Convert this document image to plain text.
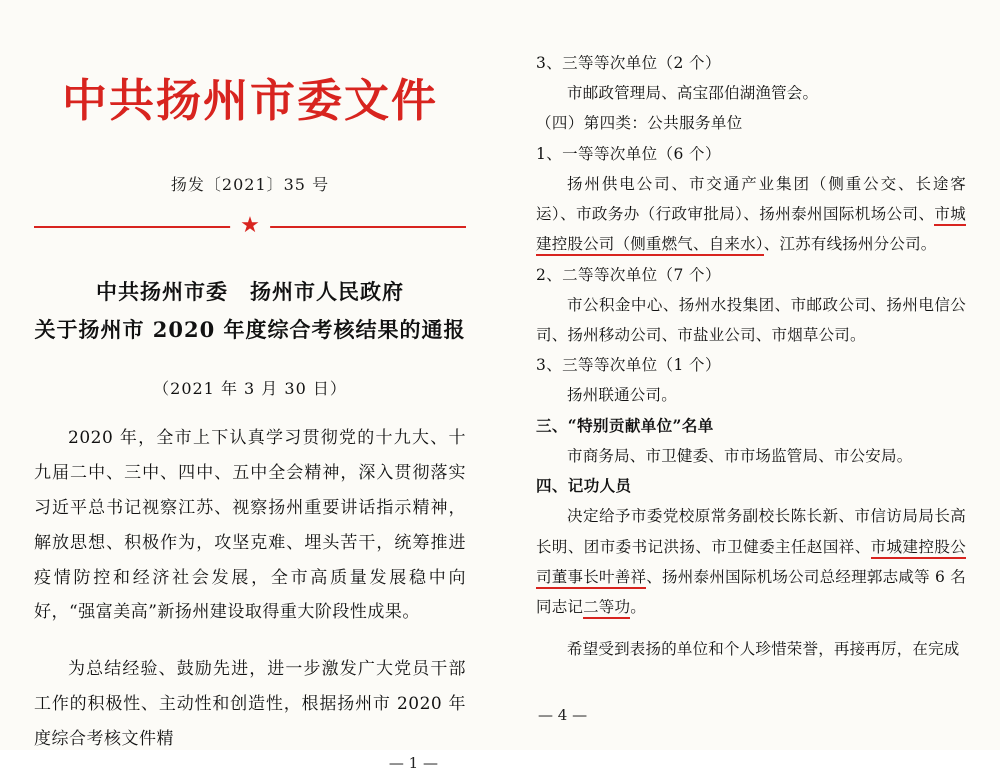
中共扬州市委文件
扬发〔2021〕35 号
★
中共扬州市委　扬州市人民政府
关于扬州市 2020 年度综合考核结果的通报
（2021 年 3 月 30 日）
2020 年，全市上下认真学习贯彻党的十九大、十九届二中、三中、四中、五中全会精神，深入贯彻落实习近平总书记视察江苏、视察扬州重要讲话指示精神，解放思想、积极作为，攻坚克难、埋头苦干，统筹推进疫情防控和经济社会发展，全市高质量发展稳中向好，“强富美高”新扬州建设取得重大阶段性成果。
为总结经验、鼓励先进，进一步激发广大党员干部工作的积极性、主动性和创造性，根据扬州市 2020 年度综合考核文件精
— 1 —
3、三等等次单位（2 个）
市邮政管理局、高宝邵伯湖渔管会。
（四）第四类：公共服务单位
1、一等等次单位（6 个）
扬州供电公司、市交通产业集团（侧重公交、长途客运）、市政务办（行政审批局）、扬州泰州国际机场公司、市城建控股公司（侧重燃气、自来水）、江苏有线扬州分公司。
2、二等等次单位（7 个）
市公积金中心、扬州水投集团、市邮政公司、扬州电信公司、扬州移动公司、市盐业公司、市烟草公司。
3、三等等次单位（1 个）
扬州联通公司。
三、“特别贡献单位”名单
市商务局、市卫健委、市市场监管局、市公安局。
四、记功人员
决定给予市委党校原常务副校长陈长新、市信访局局长高长明、团市委书记洪扬、市卫健委主任赵国祥、市城建控股公司董事长叶善祥、扬州泰州国际机场公司总经理郭志咸等 6 名同志记二等功。
希望受到表扬的单位和个人珍惜荣誉，再接再厉，在完成
— 4 —
